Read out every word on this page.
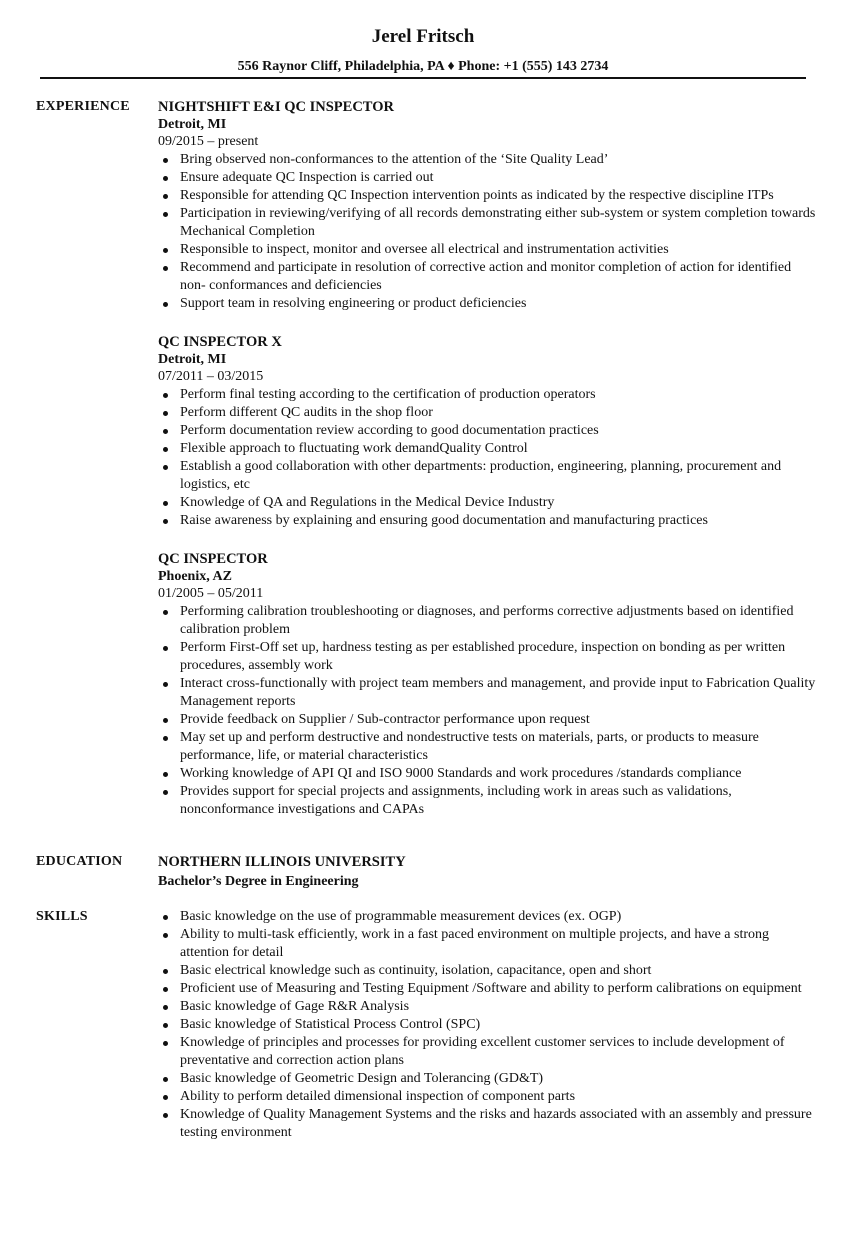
Jerel Fritsch
556 Raynor Cliff, Philadelphia, PA ♦ Phone: +1 (555) 143 2734
EXPERIENCE NIGHTSHIFT E&I QC INSPECTOR
Detroit, MI
09/2015 – present
Bring observed non-conformances to the attention of the ‘Site Quality Lead’
Ensure adequate QC Inspection is carried out
Responsible for attending QC Inspection intervention points as indicated by the respective discipline ITPs
Participation in reviewing/verifying of all records demonstrating either sub-system or system completion towards Mechanical Completion
Responsible to inspect, monitor and oversee all electrical and instrumentation activities
Recommend and participate in resolution of corrective action and monitor completion of action for identified non- conformances and deficiencies
Support team in resolving engineering or product deficiencies
QC INSPECTOR X
Detroit, MI
07/2011 – 03/2015
Perform final testing according to the certification of production operators
Perform different QC audits in the shop floor
Perform documentation review according to good documentation practices
Flexible approach to fluctuating work demandQuality Control
Establish a good collaboration with other departments: production, engineering, planning, procurement and logistics, etc
Knowledge of QA and Regulations in the Medical Device Industry
Raise awareness by explaining and ensuring good documentation and manufacturing practices
QC INSPECTOR
Phoenix, AZ
01/2005 – 05/2011
Performing calibration troubleshooting or diagnoses, and performs corrective adjustments based on identified calibration problem
Perform First-Off set up, hardness testing as per established procedure, inspection on bonding as per written procedures, assembly work
Interact cross-functionally with project team members and management, and provide input to Fabrication Quality Management reports
Provide feedback on Supplier / Sub-contractor performance upon request
May set up and perform destructive and nondestructive tests on materials, parts, or products to measure performance, life, or material characteristics
Working knowledge of API QI and ISO 9000 Standards and work procedures /standards compliance
Provides support for special projects and assignments, including work in areas such as validations, nonconformance investigations and CAPAs
EDUCATION NORTHERN ILLINOIS UNIVERSITY
Bachelor’s Degree in Engineering
SKILLS	Basic knowledge on the use of programmable measurement devices (ex. OGP)
Ability to multi-task efficiently, work in a fast paced environment on multiple projects, and have a strong attention for detail
Basic electrical knowledge such as continuity, isolation, capacitance, open and short
Proficient use of Measuring and Testing Equipment /Software and ability to perform calibrations on equipment
Basic knowledge of Gage R&R Analysis
Basic knowledge of Statistical Process Control (SPC)
Knowledge of principles and processes for providing excellent customer services to include development of preventative and correction action plans
Basic knowledge of Geometric Design and Tolerancing (GD&T)
Ability to perform detailed dimensional inspection of component parts
Knowledge of Quality Management Systems and the risks and hazards associated with an assembly and pressure testing environment
